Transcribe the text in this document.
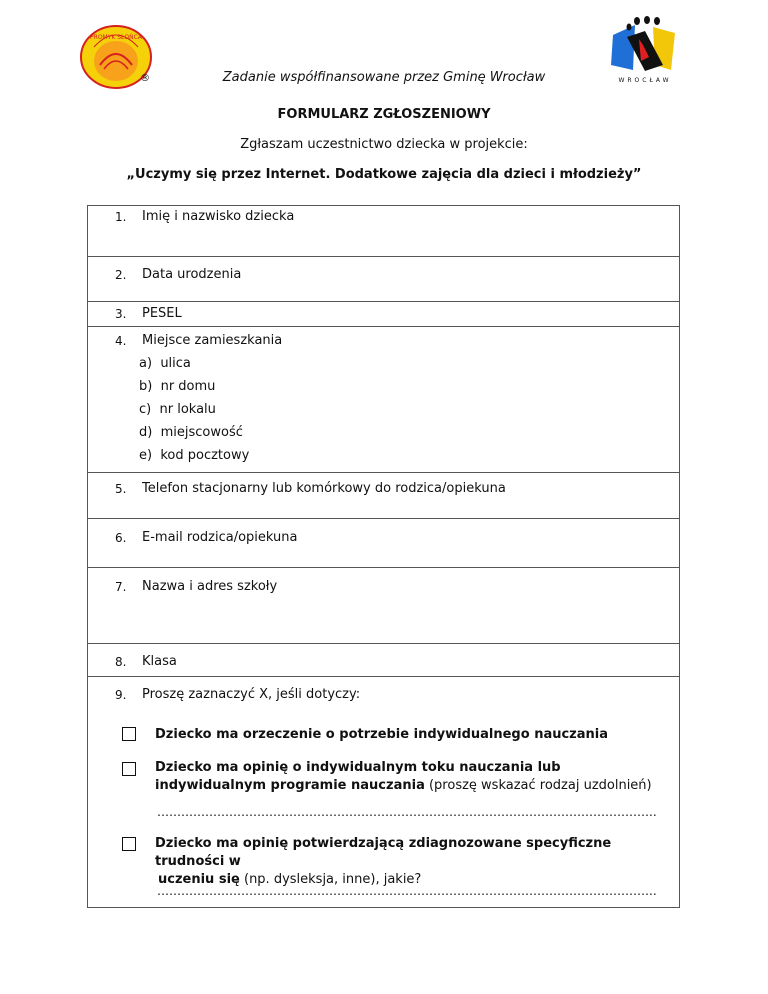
PROMYK SŁOŃCA
®	WROCŁAW
Zadanie współfinansowane przez Gminę Wrocław
FORMULARZ ZGŁOSZENIOWY
Zgłaszam uczestnictwo dziecka w projekcie:
„Uczymy się przez Internet. Dodatkowe zajęcia dla dzieci i młodzieży”
1. Imię i nazwisko dziecka
2. Data urodzenia
3. PESEL
4. Miejsce zamieszkania
a) ulica
b) nr domu
c) nr lokalu
d) miejscowość
e) kod pocztowy
5. Telefon stacjonarny lub komórkowy do rodzica/opiekuna
6. E-mail rodzica/opiekuna
7. Nazwa i adres szkoły
8. Klasa
9. Proszę zaznaczyć X, jeśli dotyczy:
Dziecko ma orzeczenie o potrzebie indywidualnego nauczania
Dziecko ma opinię o indywidualnym toku nauczania lub indywidualnym programie nauczania (proszę wskazać rodzaj uzdolnień)
……………………………………………………………………………………………………………..
Dziecko ma opinię potwierdzającą zdiagnozowane specyficzne trudności w
uczeniu się (np. dysleksja, inne), jakie?
……………………………………………………………………………………………………………..
